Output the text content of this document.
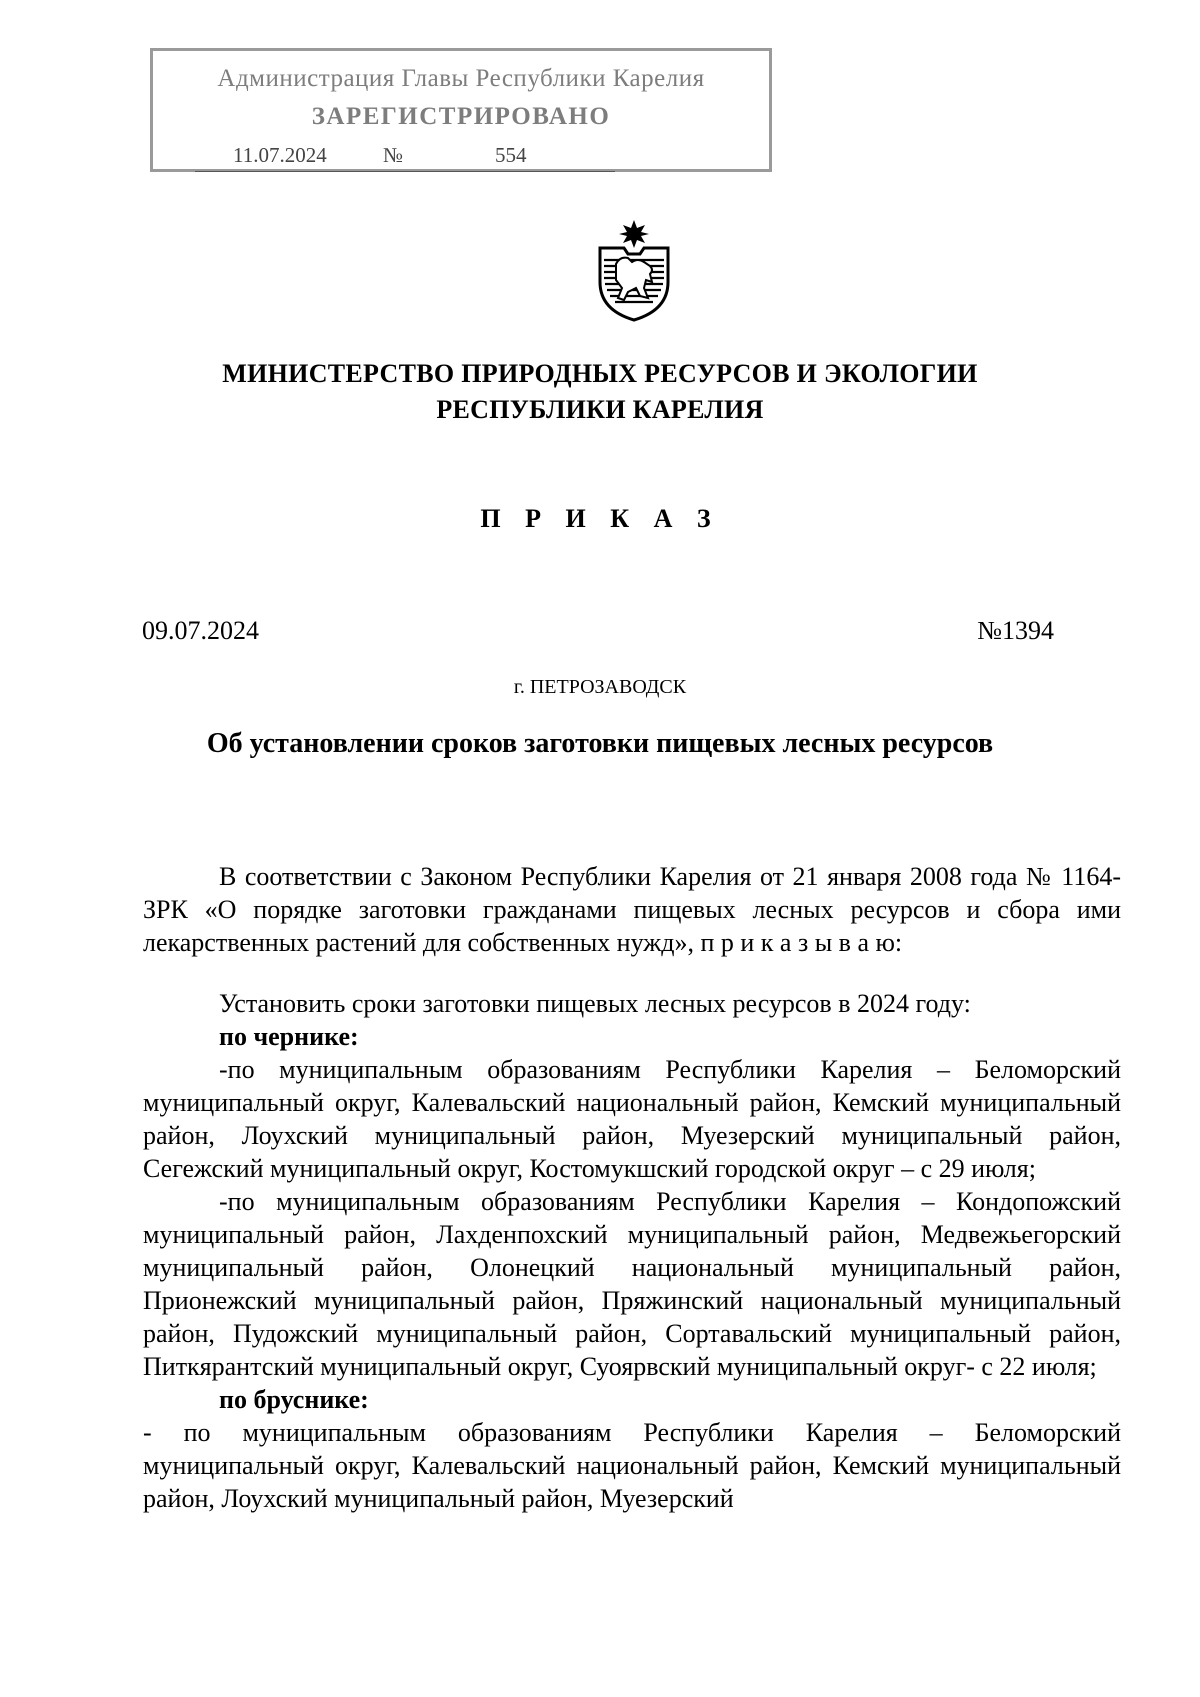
Администрация Главы Республики Карелия
ЗАРЕГИСТРИРОВАНО
11.07.2024	№	554
МИНИСТЕРСТВО ПРИРОДНЫХ РЕСУРСОВ И ЭКОЛОГИИ
РЕСПУБЛИКИ КАРЕЛИЯ
П Р И К А З
09.07.2024	№1394
г. ПЕТРОЗАВОДСК
Об установлении сроков заготовки пищевых лесных ресурсов

В соответствии с Законом Республики Карелия от 21 января 2008 года № 1164-ЗРК «О порядке заготовки гражданами пищевых лесных ресурсов и сбора ими лекарственных растений для собственных нужд», п р и к а з ы в а ю:

Установить сроки заготовки пищевых лесных ресурсов в 2024 году:

по чернике:

-по муниципальным образованиям Республики Карелия – Беломорский муниципальный округ, Калевальский национальный район, Кемский муниципальный район, Лоухский муниципальный район, Муезерский муниципальный район, Сегежский муниципальный округ, Костомукшский городской округ – с 29 июля;

-по муниципальным образованиям Республики Карелия – Кондопожский муниципальный район, Лахденпохский муниципальный район, Медвежьегорский муниципальный район, Олонецкий национальный муниципальный район, Прионежский муниципальный район, Пряжинский национальный муниципальный район, Пудожский муниципальный район, Сортавальский муниципальный район, Питкярантский муниципальный округ, Суоярвский муниципальный округ- с 22 июля;

по бруснике:

- по муниципальным образованиям Республики Карелия – Беломорский муниципальный округ, Калевальский национальный район, Кемский муниципальный район, Лоухский муниципальный район, Муезерский
